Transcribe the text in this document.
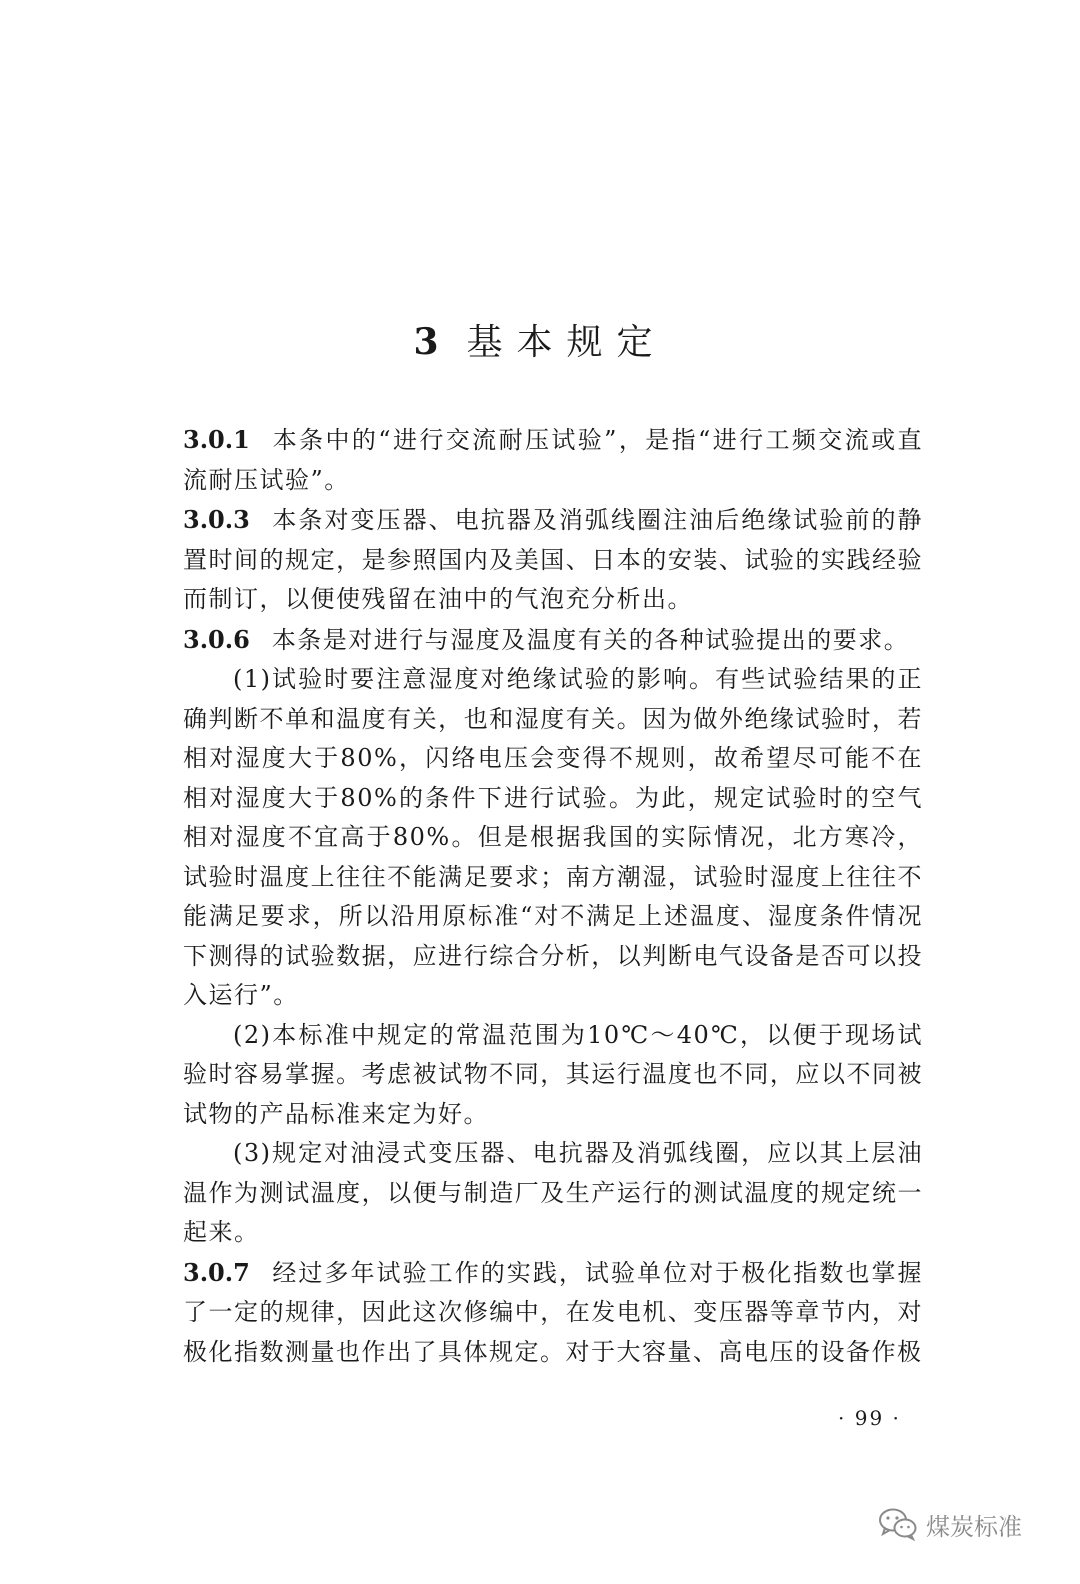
3 基本规定

3.0.1 本条中的“进行交流耐压试验”，是指“进行工频交流或直流耐压试验”。

3.0.3 本条对变压器、电抗器及消弧线圈注油后绝缘试验前的静置时间的规定，是参照国内及美国、日本的安装、试验的实践经验而制订，以便使残留在油中的气泡充分析出。

3.0.6 本条是对进行与湿度及温度有关的各种试验提出的要求。

(1)试验时要注意湿度对绝缘试验的影响。有些试验结果的正确判断不单和温度有关，也和湿度有关。因为做外绝缘试验时，若相对湿度大于80%，闪络电压会变得不规则，故希望尽可能不在相对湿度大于80%的条件下进行试验。为此，规定试验时的空气相对湿度不宜高于80%。但是根据我国的实际情况，北方寒冷，试验时温度上往往不能满足要求；南方潮湿，试验时湿度上往往不能满足要求，所以沿用原标准“对不满足上述温度、湿度条件情况下测得的试验数据，应进行综合分析，以判断电气设备是否可以投入运行”。

(2)本标准中规定的常温范围为10℃～40℃，以便于现场试验时容易掌握。考虑被试物不同，其运行温度也不同，应以不同被试物的产品标准来定为好。

(3)规定对油浸式变压器、电抗器及消弧线圈，应以其上层油温作为测试温度，以便与制造厂及生产运行的测试温度的规定统一起来。

3.0.7 经过多年试验工作的实践，试验单位对于极化指数也掌握了一定的规律，因此这次修编中，在发电机、变压器等章节内，对极化指数测量也作出了具体规定。对于大容量、高电压的设备作极

· 99 ·
煤炭标准
